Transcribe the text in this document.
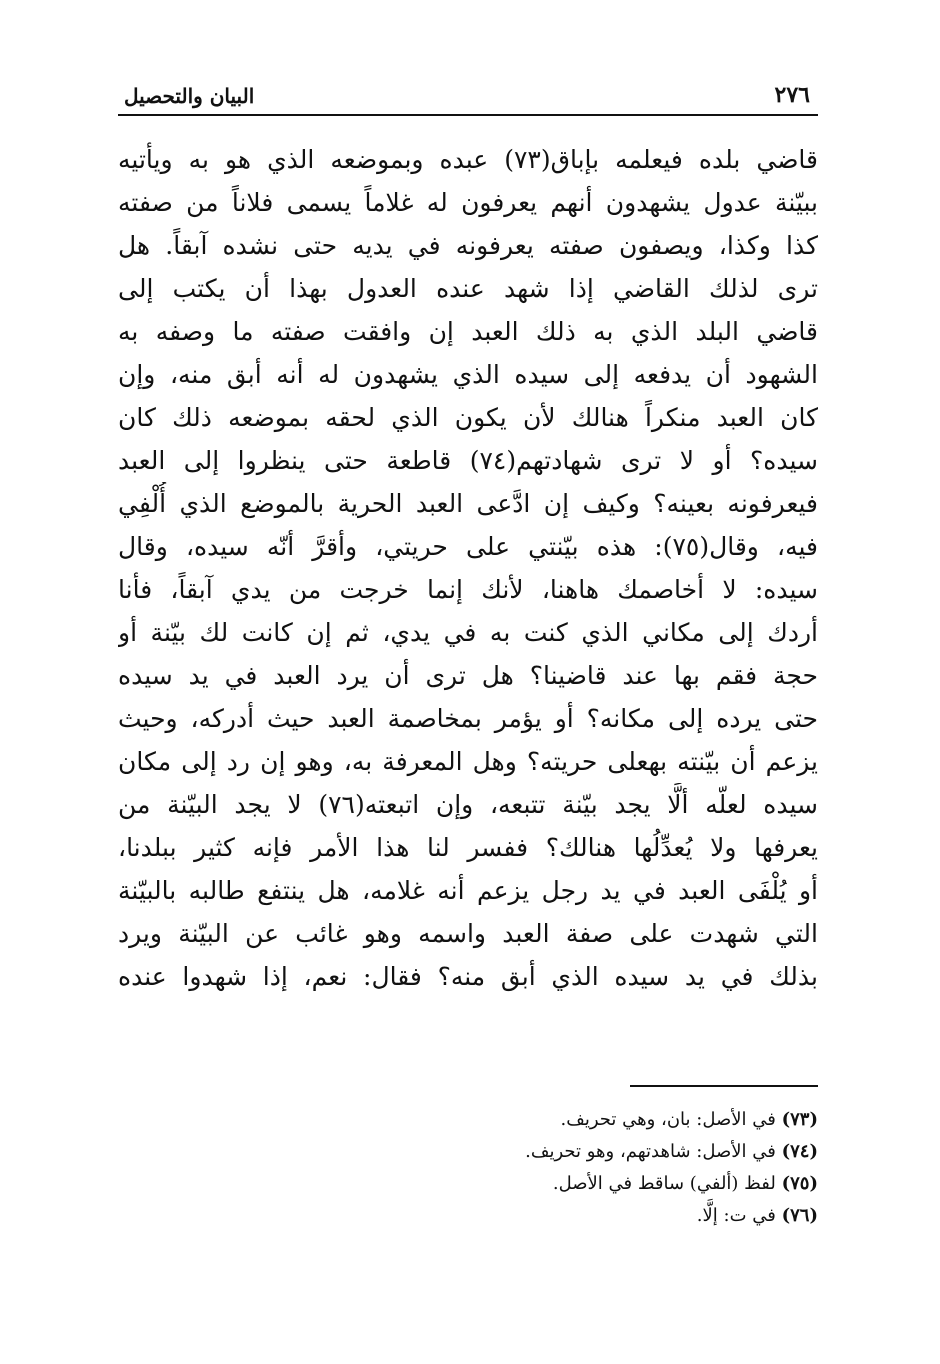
٢٧٦
البيان والتحصيل
قاضي بلده فيعلمه بإباق(٧٣) عبده وبموضعه الذي هو به ويأتيه
ببيّنة عدول يشهدون أنهم يعرفون له غلاماً يسمى فلاناً من صفته
كذا وكذا، ويصفون صفته يعرفونه في يديه حتى نشده آبقاً. هل
ترى لذلك القاضي إذا شهد عنده العدول بهذا أن يكتب إلى
قاضي البلد الذي به ذلك العبد إن وافقت صفته ما وصفه به
الشهود أن يدفعه إلى سيده الذي يشهدون له أنه أبق منه، وإن
كان العبد منكراً هنالك لأن يكون الذي لحقه بموضعه ذلك كان
سيده؟ أو لا ترى شهادتهم(٧٤) قاطعة حتى ينظروا إلى العبد
فيعرفونه بعينه؟ وكيف إن ادَّعى العبد الحرية بالموضع الذي أُلْفِي
فيه، وقال(٧٥): هذه بيّنتي على حريتي، وأقرَّ أنّه سيده، وقال
سيده: لا أخاصمك هاهنا، لأنك إنما خرجت من يدي آبقاً، فأنا
أردك إلى مكاني الذي كنت به في يدي، ثم إن كانت لك بيّنة أو
حجة فقم بها عند قاضينا؟ هل ترى أن يرد العبد في يد سيده
حتى يرده إلى مكانه؟ أو يؤمر بمخاصمة العبد حيث أدركه، وحيث
يزعم أن بيّنته بهعلى حريته؟ وهل المعرفة به، وهو إن رد إلى مكان
سيده لعلّه ألَّا يجد بيّنة تتبعه، وإن اتبعته(٧٦) لا يجد البيّنة من
يعرفها ولا يُعدِّلُها هنالك؟ ففسر لنا هذا الأمر فإنه كثير ببلدنا،
أو يُلْفَى العبد في يد رجل يزعم أنه غلامه، هل ينتفع طالبه بالبيّنة
التي شهدت على صفة العبد واسمه وهو غائب عن البيّنة ويرد
بذلك في يد سيده الذي أبق منه؟ فقال: نعم، إذا شهدوا عنده
(٧٣) في الأصل: بان، وهي تحريف.
(٧٤) في الأصل: شاهدتهم، وهو تحريف.
(٧٥) لفظ (ألفي) ساقط في الأصل.
(٧٦) في ت: إلَّا.
